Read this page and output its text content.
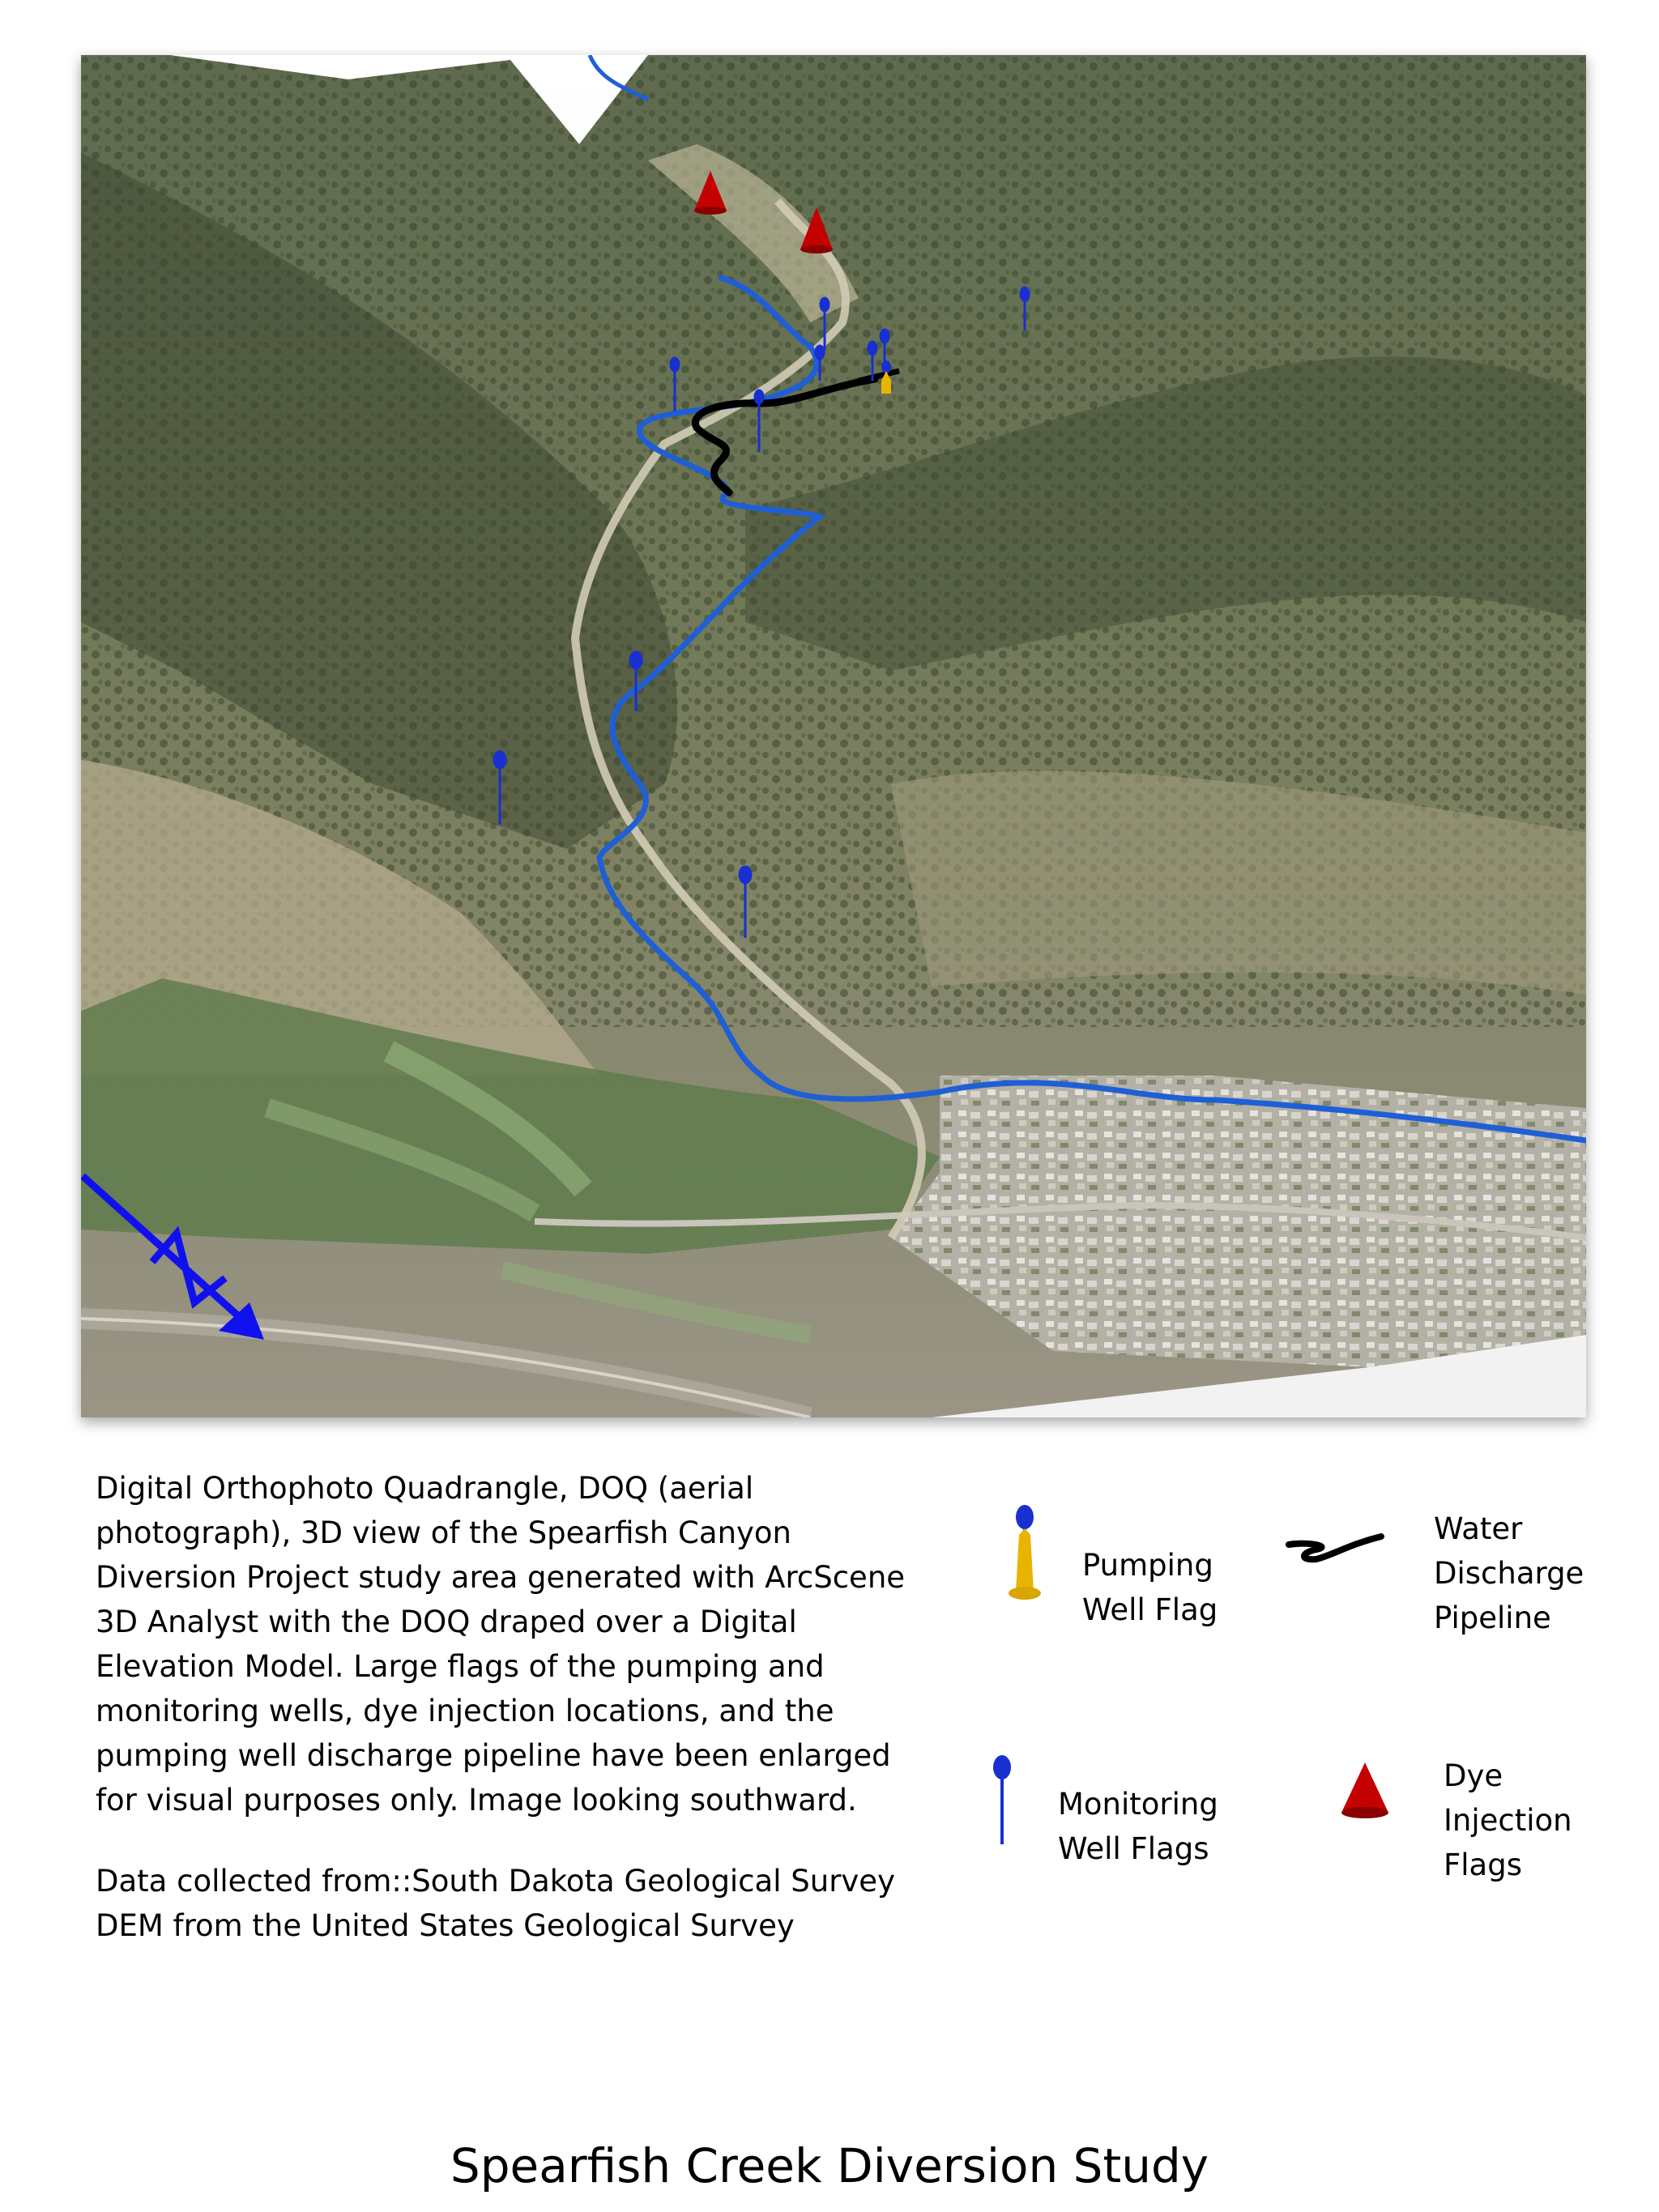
Digital Orthophoto Quadrangle, DOQ (aerial photograph), 3D view of the Spearfish Canyon Diversion Project study area generated with ArcScene 3D Analyst with the DOQ draped over a Digital Elevation Model. Large flags of the pumping and monitoring wells, dye injection locations, and the pumping well discharge pipeline have been enlarged for visual purposes only. Image looking southward.

Data collected from::South Dakota Geological Survey DEM from the United States Geological Survey

Pumping
Well Flag
Water
Discharge
Pipeline
Monitoring
Well Flags
Dye
Injection
Flags
Spearfish Creek Diversion Study
